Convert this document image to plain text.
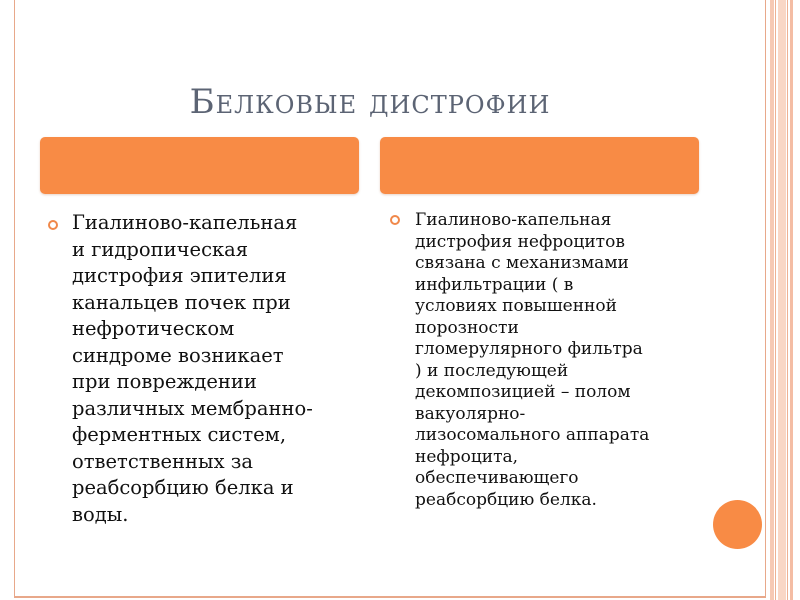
Белковые дистрофии
Гиалиново-капельная
и гидропическая
дистрофия эпителия
канальцев почек при
нефротическом
синдроме возникает
при повреждении
различных мембранно-
ферментных систем,
ответственных за
реабсорбцию белка и
воды.
Гиалиново-капельная
дистрофия нефроцитов
связана с механизмами
инфильтрации ( в
условиях повышенной
порозности
гломерулярного фильтра
) и последующей
декомпозицией – полом
вакуолярно-
лизосомального аппарата
нефроцита,
обеспечивающего
реабсорбцию белка.
